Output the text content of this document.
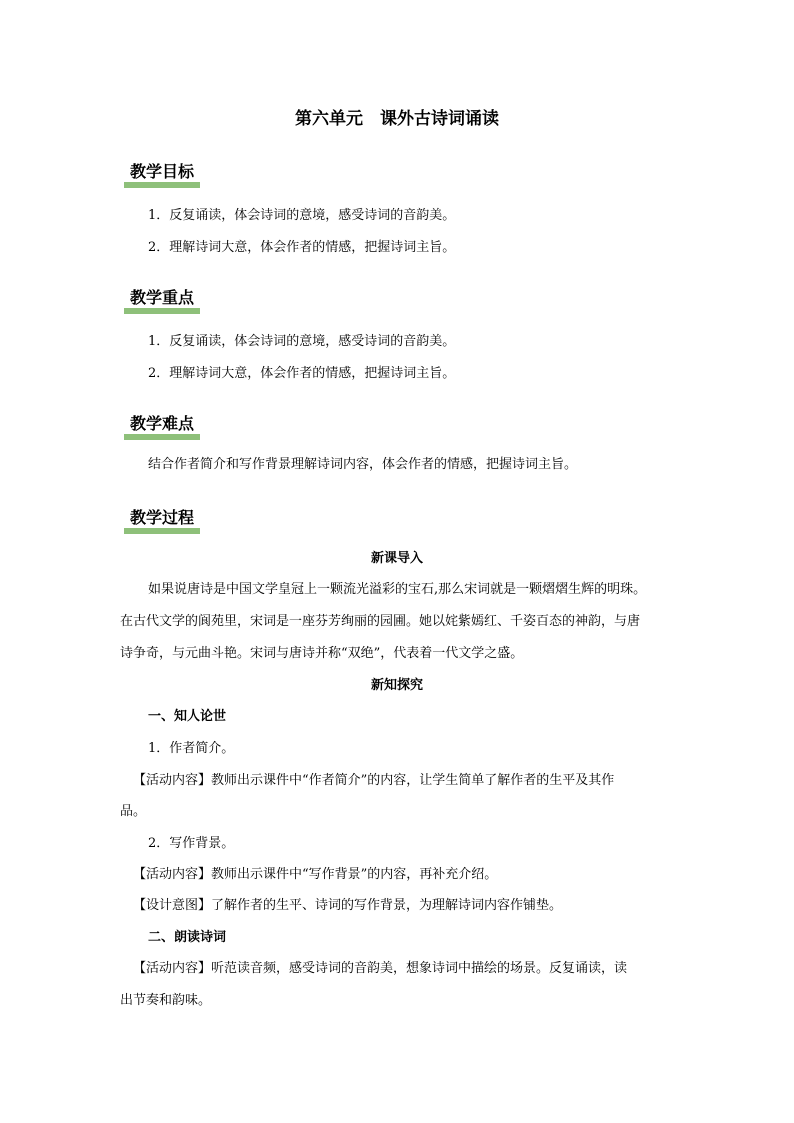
第六单元　课外古诗词诵读
教学目标
1．反复诵读，体会诗词的意境，感受诗词的音韵美。
2．理解诗词大意，体会作者的情感，把握诗词主旨。
教学重点
1．反复诵读，体会诗词的意境，感受诗词的音韵美。
2．理解诗词大意，体会作者的情感，把握诗词主旨。
教学难点
结合作者简介和写作背景理解诗词内容，体会作者的情感，把握诗词主旨。
教学过程
新课导入
如果说唐诗是中国文学皇冠上一颗流光溢彩的宝石,那么宋词就是一颗熠熠生辉的明珠。
在古代文学的阆苑里，宋词是一座芬芳绚丽的园圃。她以姹紫嫣红、千姿百态的神韵，与唐
诗争奇，与元曲斗艳。宋词与唐诗并称“双绝”，代表着一代文学之盛。
新知探究
一、知人论世
1．作者简介。
【活动内容】教师出示课件中“作者简介”的内容，让学生简单了解作者的生平及其作
品。
2．写作背景。
【活动内容】教师出示课件中“写作背景”的内容，再补充介绍。
【设计意图】了解作者的生平、诗词的写作背景，为理解诗词内容作铺垫。
二、朗读诗词
【活动内容】听范读音频，感受诗词的音韵美，想象诗词中描绘的场景。反复诵读，读
出节奏和韵味。
